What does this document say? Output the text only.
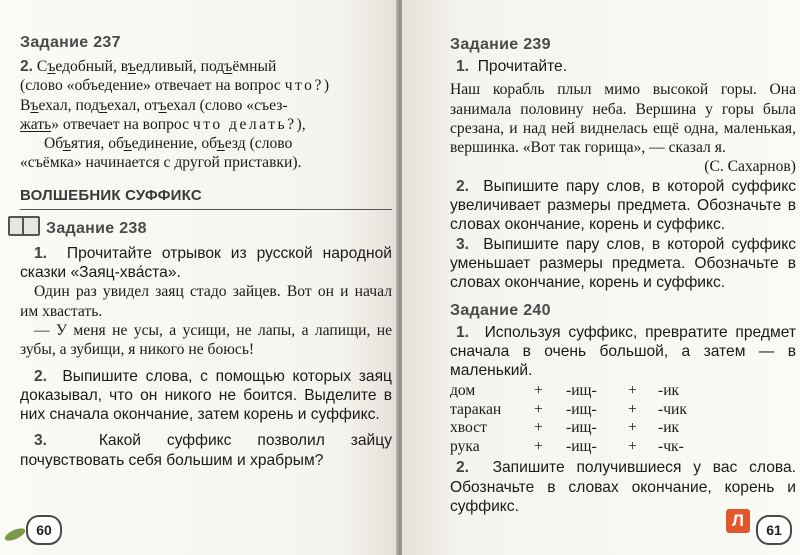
Задание 237

2. Съедобный, въедливый, подъёмный

(слово «объедение» отвечает на вопрос что?)

Въехал, подъехал, отъехал (слово «съез-

жать» отвечает на вопрос что делать?),

Объятия, объединение, объезд (слово

«съёмка» начинается с другой приставки).

ВОЛШЕБНИК СУФФИКС
Задание 238

1. Прочитайте отрывок из русской народной сказки «Заяц-хва́ста».

Один раз увидел заяц стадо зайцев. Вот он и начал им хвастать.

— У меня не усы, а усищи, не лапы, а лапищи, не зубы, а зубищи, я никого не боюсь!

2. Выпишите слова, с помощью которых заяц доказывал, что он никого не боится. Выделите в них сначала окончание, затем корень и суффикс.

3.	Какой суффикс позволил зайцу почувствовать себя большим и храбрым?

60
Задание 239

1. Прочитайте.

Наш корабль плыл мимо высокой горы. Она занимала половину неба. Вершина у горы была срезана, и над ней виднелась ещё одна, маленькая, вершинка. «Вот так горища», — сказал я.

(С. Сахарнов)

2. Выпишите пару слов, в которой суффикс увеличивает размеры предмета. Обозначьте в словах окончание, корень и суффикс.

3. Выпишите пару слов, в которой суффикс уменьшает размеры предмета. Обозначьте в словах окончание, корень и суффикс.

Задание 240

1. Используя суффикс, превратите предмет сначала в очень большой, а затем — в маленький.

дом	+	-ищ-	+	-ик
таракан	+	-ищ-	+	-чик
хвост	+	-ищ-	+	-ик
рука	+	-ищ-	+	-чк-

2. Запишите получившиеся у вас слова. Обозначьте в словах окончание, корень и суффикс.

Л	61
